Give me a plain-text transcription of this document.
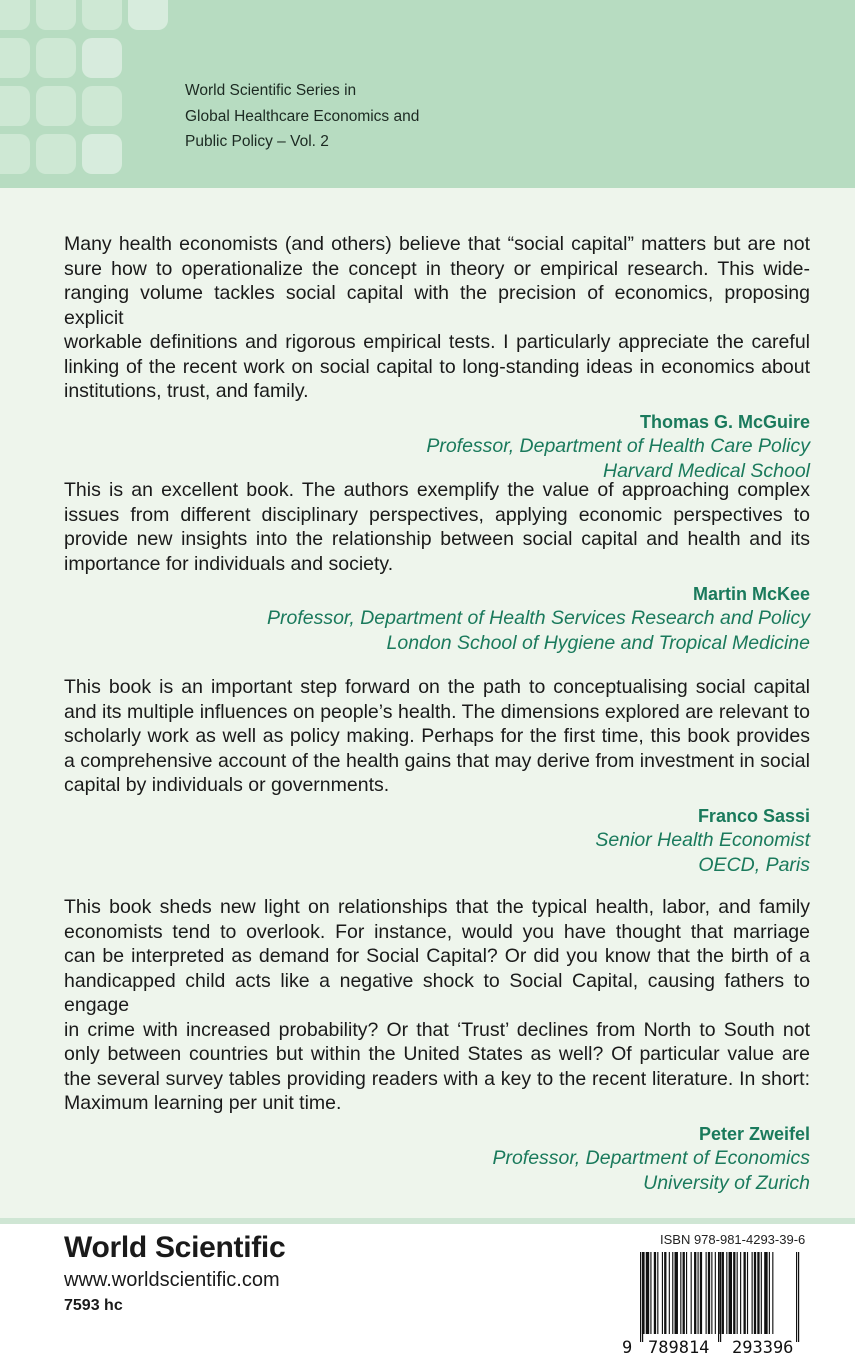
World Scientific Series in
Global Healthcare Economics and
Public Policy – Vol. 2

Many health economists (and others) believe that “social capital” matters but are not
sure how to operationalize the concept in theory or empirical research. This wide-
ranging volume tackles social capital with the precision of economics, proposing explicit
workable definitions and rigorous empirical tests. I particularly appreciate the careful
linking of the recent work on social capital to long-standing ideas in economics about
institutions, trust, and family.

Thomas G. McGuire
Professor, Department of Health Care Policy
Harvard Medical School

This is an excellent book. The authors exemplify the value of approaching complex
issues from different disciplinary perspectives, applying economic perspectives to
provide new insights into the relationship between social capital and health and its
importance for individuals and society.

Martin McKee
Professor, Department of Health Services Research and Policy
London School of Hygiene and Tropical Medicine

This book is an important step forward on the path to conceptualising social capital
and its multiple influences on people’s health. The dimensions explored are relevant to
scholarly work as well as policy making. Perhaps for the first time, this book provides
a comprehensive account of the health gains that may derive from investment in social
capital by individuals or governments.

Franco Sassi
Senior Health Economist
OECD, Paris

This book sheds new light on relationships that the typical health, labor, and family
economists tend to overlook. For instance, would you have thought that marriage
can be interpreted as demand for Social Capital? Or did you know that the birth of a
handicapped child acts like a negative shock to Social Capital, causing fathers to engage
in crime with increased probability? Or that ‘Trust’ declines from North to South not
only between countries but within the United States as well? Of particular value are
the several survey tables providing readers with a key to the recent literature. In short:
Maximum learning per unit time.

Peter Zweifel
Professor, Department of Economics
University of Zurich
World Scientific
www.worldscientific.com
7593 hc
ISBN 978-981-4293-39-6
9 789814 293396
